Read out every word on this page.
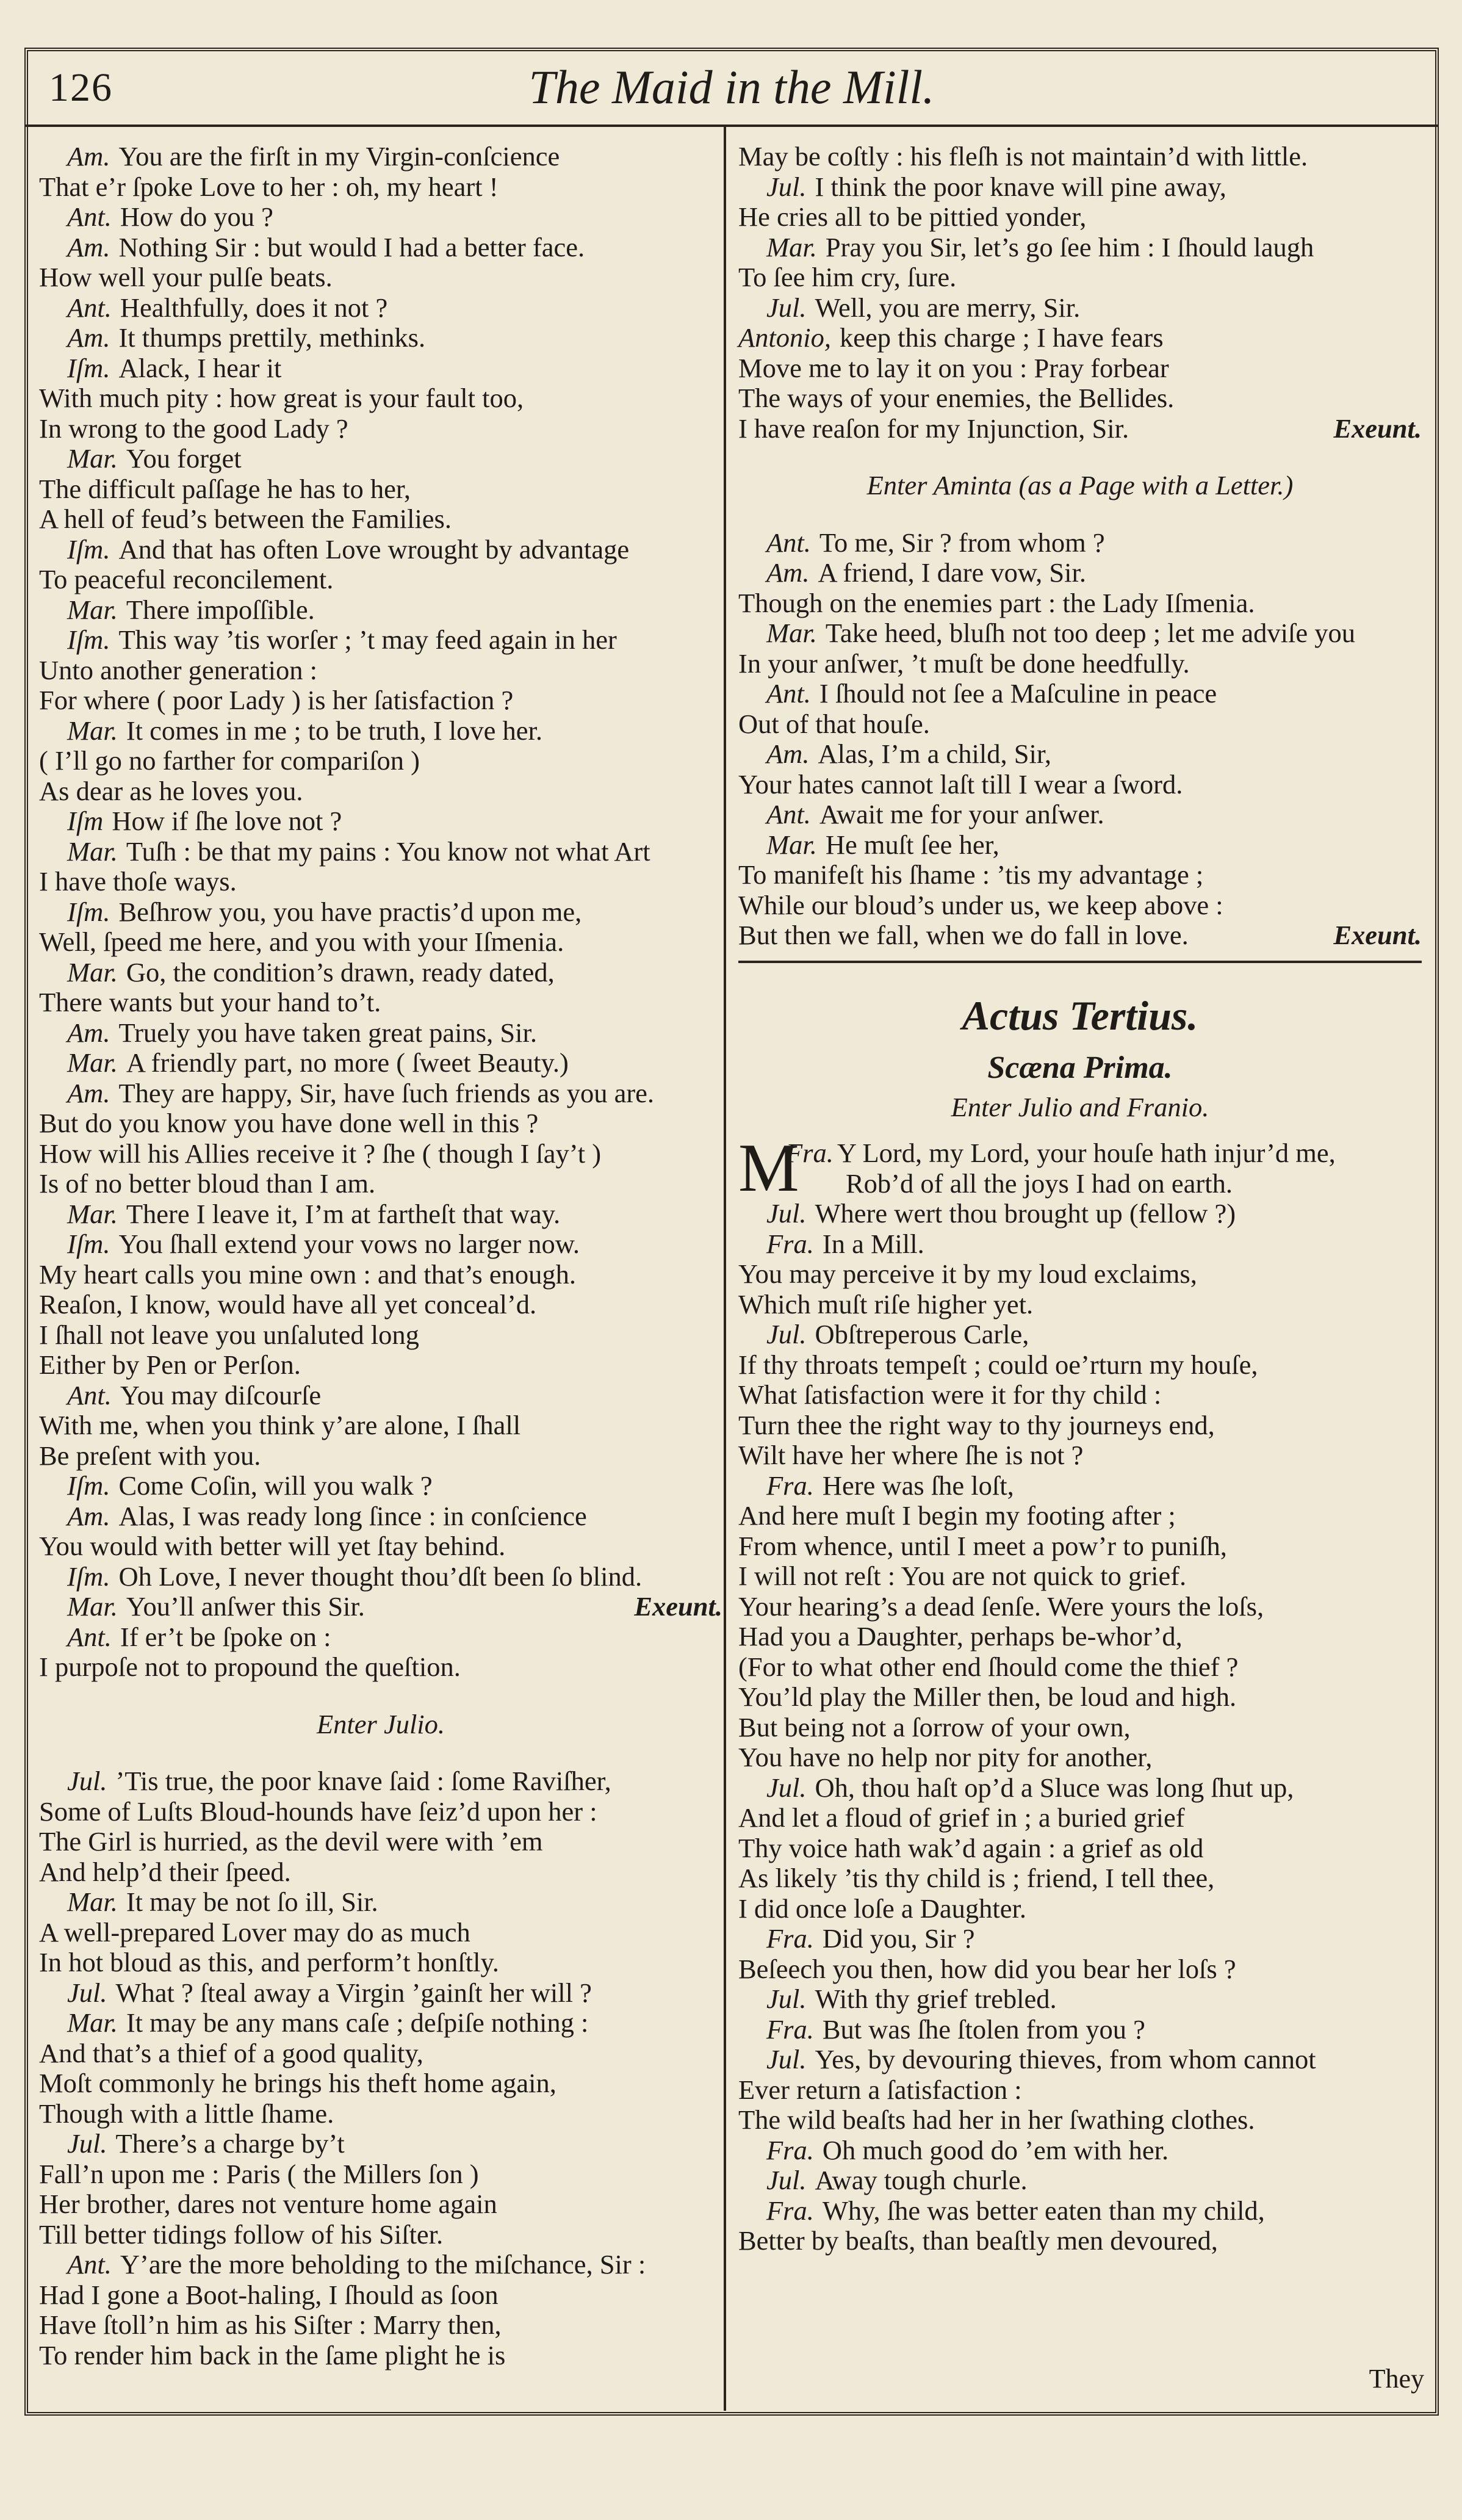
126	The Maid in the Mill.
Am. You are the firſt in my Virgin-conſcience
That e’r ſpoke Love to her : oh, my heart !
Ant. How do you ?
Am. Nothing Sir : but would I had a better face.
How well your pulſe beats.
Ant. Healthfully, does it not ?
Am. It thumps prettily, methinks.
Iſm. Alack, I hear it
With much pity : how great is your fault too,
In wrong to the good Lady ?
Mar. You forget
The difficult paſſage he has to her,
A hell of feud’s between the Families.
Iſm. And that has often Love wrought by advantage
To peaceful reconcilement.
Mar. There impoſſible.
Iſm. This way ’tis worſer ; ’t may feed again in her
Unto another generation :
For where ( poor Lady ) is her ſatisfaction ?
Mar. It comes in me ; to be truth, I love her.
( I’ll go no farther for compariſon )
As dear as he loves you.
Iſm How if ſhe love not ?
Mar. Tuſh : be that my pains : You know not what Art
I have thoſe ways.
Iſm. Beſhrow you, you have practis’d upon me,
Well, ſpeed me here, and you with your Iſmenia.
Mar. Go, the condition’s drawn, ready dated,
There wants but your hand to’t.
Am. Truely you have taken great pains, Sir.
Mar. A friendly part, no more ( ſweet Beauty.)
Am. They are happy, Sir, have ſuch friends as you are.
But do you know you have done well in this ?
How will his Allies receive it ? ſhe ( though I ſay’t )
Is of no better bloud than I am.
Mar. There I leave it, I’m at fartheſt that way.
Iſm. You ſhall extend your vows no larger now.
My heart calls you mine own : and that’s enough.
Reaſon, I know, would have all yet conceal’d.
I ſhall not leave you unſaluted long
Either by Pen or Perſon.
Ant. You may diſcourſe
With me, when you think y’are alone, I ſhall
Be preſent with you.
Iſm. Come Coſin, will you walk ?
Am. Alas, I was ready long ſince : in conſcience
You would with better will yet ſtay behind.
Iſm. Oh Love, I never thought thou’dſt been ſo blind.
Mar. You’ll anſwer this Sir.	Exeunt.
Ant. If er’t be ſpoke on :
I purpoſe not to propound the queſtion.
Enter Julio.
Jul. ’Tis true, the poor knave ſaid : ſome Raviſher,
Some of Luſts Bloud-hounds have ſeiz’d upon her :
The Girl is hurried, as the devil were with ’em
And help’d their ſpeed.
Mar. It may be not ſo ill, Sir.
A well-prepared Lover may do as much
In hot bloud as this, and perform’t honſtly.
Jul. What ? ſteal away a Virgin ’gainſt her will ?
Mar. It may be any mans caſe ; deſpiſe nothing :
And that’s a thief of a good quality,
Moſt commonly he brings his theft home again,
Though with a little ſhame.
Jul. There’s a charge by’t
Fall’n upon me : Paris ( the Millers ſon )
Her brother, dares not venture home again
Till better tidings follow of his Siſter.
Ant. Y’are the more beholding to the miſchance, Sir :
Had I gone a Boot-haling, I ſhould as ſoon
Have ſtoll’n him as his Siſter : Marry then,
To render him back in the ſame plight he is
May be coſtly : his fleſh is not maintain’d with little.
Jul. I think the poor knave will pine away,
He cries all to be pittied yonder,
Mar. Pray you Sir, let’s go ſee him : I ſhould laugh
To ſee him cry, ſure.
Jul. Well, you are merry, Sir.
Antonio, keep this charge ; I have fears
Move me to lay it on you : Pray forbear
The ways of your enemies, the Bellides.
I have reaſon for my Injunction, Sir.	Exeunt.
Enter Aminta (as a Page with a Letter.)
Ant. To me, Sir ? from whom ?
Am. A friend, I dare vow, Sir.
Though on the enemies part : the Lady Iſmenia.
Mar. Take heed, bluſh not too deep ; let me adviſe you
In your anſwer, ’t muſt be done heedfully.
Ant. I ſhould not ſee a Maſculine in peace
Out of that houſe.
Am. Alas, I’m a child, Sir,
Your hates cannot laſt till I wear a ſword.
Ant. Await me for your anſwer.
Mar. He muſt ſee her,
To manifeſt his ſhame : ’tis my advantage ;
While our bloud’s under us, we keep above :
But then we fall, when we do fall in love.	Exeunt.
Actus Tertius.
Scæna Prima.
Enter Julio and Franio.
Fra.
M Y Lord, my Lord, your houſe hath injur’d me,
Rob’d of all the joys I had on earth.
Jul. Where wert thou brought up (fellow ?)
Fra. In a Mill.
You may perceive it by my loud exclaims,
Which muſt riſe higher yet.
Jul. Obſtreperous Carle,
If thy throats tempeſt ; could oe’rturn my houſe,
What ſatisfaction were it for thy child :
Turn thee the right way to thy journeys end,
Wilt have her where ſhe is not ?
Fra. Here was ſhe loſt,
And here muſt I begin my footing after ;
From whence, until I meet a pow’r to puniſh,
I will not reſt : You are not quick to grief.
Your hearing’s a dead ſenſe. Were yours the loſs,
Had you a Daughter, perhaps be-whor’d,
(For to what other end ſhould come the thief ?
You’ld play the Miller then, be loud and high.
But being not a ſorrow of your own,
You have no help nor pity for another,
Jul. Oh, thou haſt op’d a Sluce was long ſhut up,
And let a floud of grief in ; a buried grief
Thy voice hath wak’d again : a grief as old
As likely ’tis thy child is ; friend, I tell thee,
I did once loſe a Daughter.
Fra. Did you, Sir ?
Beſeech you then, how did you bear her loſs ?
Jul. With thy grief trebled.
Fra. But was ſhe ſtolen from you ?
Jul. Yes, by devouring thieves, from whom cannot
Ever return a ſatisfaction :
The wild beaſts had her in her ſwathing clothes.
Fra. Oh much good do ’em with her.
Jul. Away tough churle.
Fra. Why, ſhe was better eaten than my child,
Better by beaſts, than beaſtly men devoured,
They
